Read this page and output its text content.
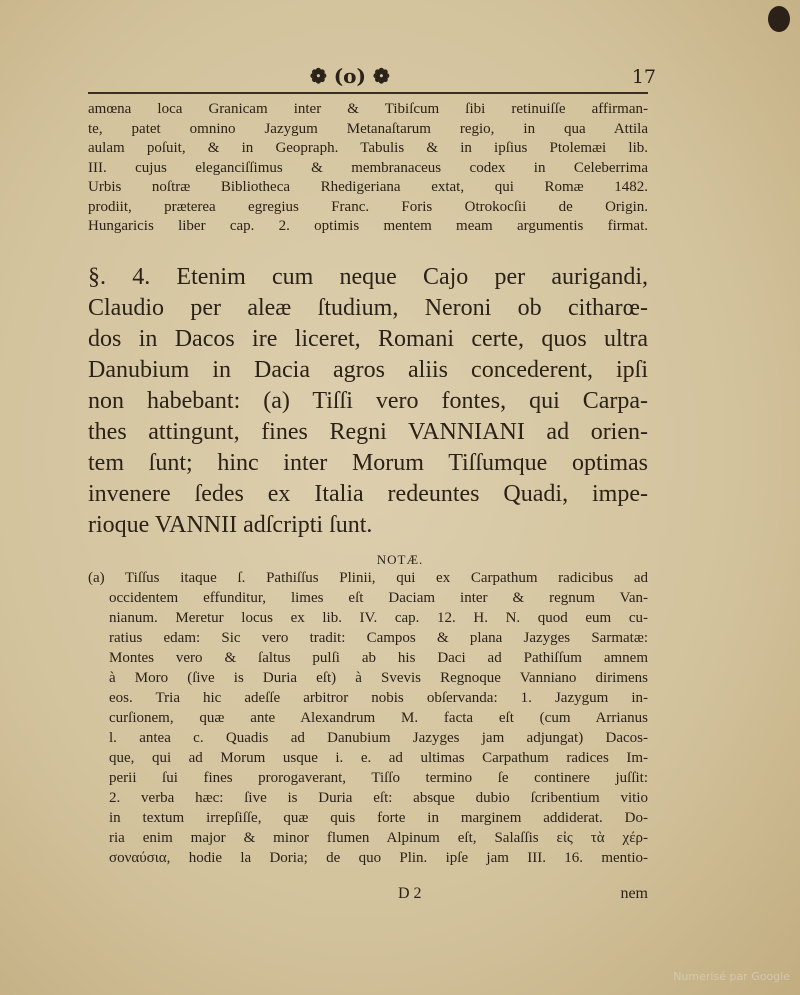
❁ (o) ❁	17
amœna loca Granicam inter & Tibiſcum ſibi retinuiſſe affirman-
te, patet omnino Jazygum Metanaſtarum regio, in qua Attila
aulam poſuit, & in Geopraph. Tabulis & in ipſius Ptolemæi lib.
III. cujus eleganciſſimus & membranaceus codex in Celeberrima
Urbis noſtræ Bibliotheca Rhedigeriana extat, qui Romæ 1482.
prodiit, præterea egregius Franc. Foris Otrokocſii de Origin.
Hungaricis liber cap. 2. optimis mentem meam argumentis firmat.
§. 4. Etenim cum neque Cajo per aurigandi,
Claudio per aleæ ſtudium, Neroni ob citharœ-
dos in Dacos ire liceret, Romani certe, quos ultra
Danubium in Dacia agros aliis concederent, ipſi
non habebant: (a) Tiſſi vero fontes, qui Carpa-
thes attingunt, fines Regni VANNIANI ad orien-
tem ſunt; hinc inter Morum Tiſſumque optimas
invenere ſedes ex Italia redeuntes Quadi, impe-
rioque VANNII adſcripti ſunt.
NOTÆ.
(a) Tiſſus itaque ſ. Pathiſſus Plinii, qui ex Carpathum radicibus ad
occidentem effunditur, limes eſt Daciam inter & regnum Van-
nianum. Meretur locus ex lib. IV. cap. 12. H. N. quod eum cu-
ratius edam: Sic vero tradit: Campos & plana Jazyges Sarmatæ:
Montes vero & ſaltus pulſi ab his Daci ad Pathiſſum amnem
à Moro (ſive is Duria eſt) à Svevis Regnoque Vanniano dirimens
eos. Tria hic adeſſe arbitror nobis obſervanda: 1. Jazygum in-
curſionem, quæ ante Alexandrum M. facta eſt (cum Arrianus
l. antea c. Quadis ad Danubium Jazyges jam adjungat) Dacos-
que, qui ad Morum usque i. e. ad ultimas Carpathum radices Im-
perii ſui fines prorogaverant, Tiſſo termino ſe continere juſſit:
2. verba hæc: ſive is Duria eſt: absque dubio ſcribentium vitio
in textum irrepſiſſe, quæ quis forte in marginem addiderat. Do-
ria enim major & minor flumen Alpinum eſt, Salaſſis εἰς τὰ χέρ-
σοναύσια, hodie la Doria; de quo Plin. ipſe jam III. 16. mentio-
D 2	nem
Numerisé par Google
